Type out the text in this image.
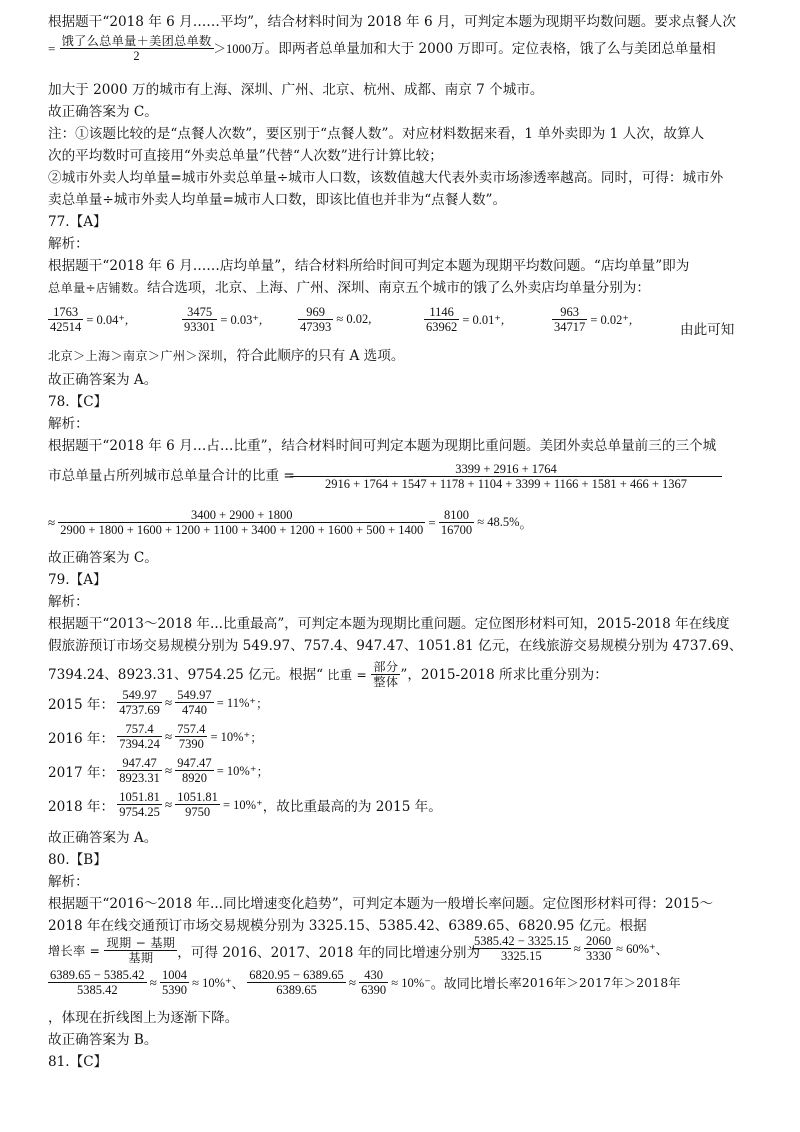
根据题干“2018 年 6 月……平均”，结合材料时间为 2018 年 6 月，可判定本题为现期平均数问题。要求点餐人次
= $\frac{\text{饿了么总单量＋美团总单数}}{2} >1000$万。即两者总单量加和大于 2000 万即可。定位表格，饿了么与美团总单量相
加大于 2000 万的城市有上海、深圳、广州、北京、杭州、成都、南京 7 个城市。
故正确答案为 C。
注：①该题比较的是“点餐人次数”，要区别于“点餐人数”。对应材料数据来看，1 单外卖即为 1 人次，故算人
次的平均数时可直接用“外卖总单量”代替“人次数”进行计算比较；
②城市外卖人均单量=城市外卖总单量÷城市人口数，该数值越大代表外卖市场渗透率越高。同时，可得：城市外
卖总单量÷城市外卖人均单量=城市人口数，即该比值也并非为“点餐人数”。
77.【A】
解析：
根据题干“2018 年 6 月……店均单量”，结合材料所给时间可判定本题为现期平均数问题。“店均单量”即为
总单量÷店铺数。结合选项，北京、上海、广州、深圳、南京五个城市的饿了么外卖店均单量分别为：
$\frac{1763}{42514} = 0.04^+$,	$\frac{3475}{93301} = 0.03^+$,	$\frac{969}{47393} \approx 0.02$,	$\frac{1146}{63962} = 0.01^+$,	$\frac{963}{34717} = 0.02^+$,
由此可知
北京＞上海＞南京＞广州＞深圳，符合此顺序的只有 A 选项。
故正确答案为 A。
78.【C】
解析：
根据题干“2018 年 6 月…占…比重”，结合材料时间可判定本题为现期比重问题。美团外卖总单量前三的三个城
市总单量占所列城市总单量合计的比重 =	3399 + 2916 + 1764
2916 + 1764 + 1547 + 1178 + 1104 + 3399 + 1166 + 1581 + 466 + 1367
≈	3400 + 2900 + 1800
2900 + 1800 + 1600 + 1200 + 1100 + 3400 + 1200 + 1600 + 500 + 1400
= $\frac{8100}{16700} \approx 48.5\%$。
故正确答案为 C。
79.【A】
解析：
根据题干“2013～2018 年...比重最高”，可判定本题为现期比重问题。定位图形材料可知，2015-2018 年在线度
假旅游预订市场交易规模分别为 549.97、757.4、947.47、1051.81 亿元，在线旅游交易规模分别为 4737.69、
7394.24、8923.31、9754.25 亿元。根据“ 比重 = $\frac{\text{部分}}{\text{整体}}$ ”，2015-2018 所求比重分别为：
2015 年： $\frac{549.97}{4737.69} \approx \frac{549.97}{4740} = 11\%^+$；
2016 年： $\frac{757.4}{7394.24} \approx \frac{757.4}{7390} = 10\%^+$；
2017 年： $\frac{947.47}{8923.31} \approx \frac{947.47}{8920} = 10\%^+$；
2018 年： $\frac{1051.81}{9754.25} \approx \frac{1051.81}{9750} = 10\%^+$，故比重最高的为 2015 年。
故正确答案为 A。
80.【B】
解析：
根据题干“2016～2018 年...同比增速变化趋势”，可判定本题为一般增长率问题。定位图形材料可得：2015～
2018 年在线交通预订市场交易规模分别为 3325.15、5385.42、6389.65、6820.95 亿元。根据
增长率 = $\frac{\text{现期 − 基期}}{\text{基期}}$ ，可得 2016、2017、2018 年的同比增速分别为
$\frac{5385.42 - 3325.15}{3325.15} \approx \frac{2060}{3330} \approx 60\%^+$、
$\frac{6389.65 - 5385.42}{5385.42} \approx \frac{1004}{5390} \approx 10\%^+$、 $\frac{6820.95 - 6389.65}{6389.65} \approx \frac{430}{6390} \approx 10\%^-$。故同比增长率2016年＞2017年＞2018年
，体现在折线图上为逐渐下降。
故正确答案为 B。
81.【C】
